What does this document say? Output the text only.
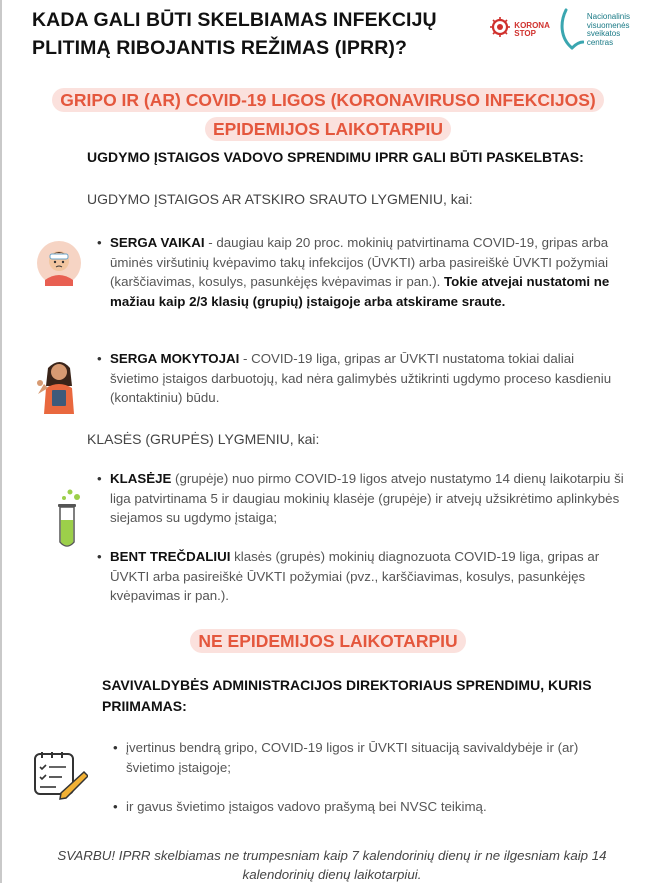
KADA GALI BŪTI SKELBIAMAS INFEKCIJŲ PLITIMĄ RIBOJANTIS REŽIMAS (IPRR)?
KORONA
STOP
Nacionalinis
visuomenės
sveikatos
centras
GRIPO IR (AR) COVID-19 LIGOS (KORONAVIRUSO INFEKCIJOS) EPIDEMIJOS LAIKOTARPIU
UGDYMO ĮSTAIGOS VADOVO SPRENDIMU IPRR GALI BŪTI PASKELBTAS:
UGDYMO ĮSTAIGOS AR ATSKIRO SRAUTO LYGMENIU, kai:
• SERGA VAIKAI - daugiau kaip 20 proc. mokinių patvirtinama COVID-19, gripas arba ūminės viršutinių kvėpavimo takų infekcijos (ŪVKTI) arba pasireiškė ŪVKTI požymiai (karščiavimas, kosulys, pasunkėjęs kvėpavimas ir pan.). Tokie atvejai nustatomi ne mažiau kaip 2/3 klasių (grupių) įstaigoje arba atskirame sraute.
• SERGA MOKYTOJAI - COVID-19 liga, gripas ar ŪVKTI nustatoma tokiai daliai švietimo įstaigos darbuotojų, kad nėra galimybės užtikrinti ugdymo proceso kasdieniu (kontaktiniu) būdu.
KLASĖS (GRUPĖS) LYGMENIU, kai:
• KLASĖJE (grupėje) nuo pirmo COVID-19 ligos atvejo nustatymo 14 dienų laikotarpiu ši liga patvirtinama 5 ir daugiau mokinių klasėje (grupėje) ir atvejų užsikrėtimo aplinkybės siejamos su ugdymo įstaiga;
• BENT TREČDALIUI klasės (grupės) mokinių diagnozuota COVID-19 liga, gripas ar ŪVKTI arba pasireiškė ŪVKTI požymiai (pvz., karščiavimas, kosulys, pasunkėjęs kvėpavimas ir pan.).
NE EPIDEMIJOS LAIKOTARPIU
SAVIVALDYBĖS ADMINISTRACIJOS DIREKTORIAUS SPRENDIMU, KURIS PRIIMAMAS:
• įvertinus bendrą gripo, COVID-19 ligos ir ŪVKTI situaciją savivaldybėje ir (ar) švietimo įstaigoje;
• ir gavus švietimo įstaigos vadovo prašymą bei NVSC teikimą.
SVARBU! IPRR skelbiamas ne trumpesniam kaip 7 kalendorinių dienų ir ne ilgesniam kaip 14 kalendorinių dienų laikotarpiui.
